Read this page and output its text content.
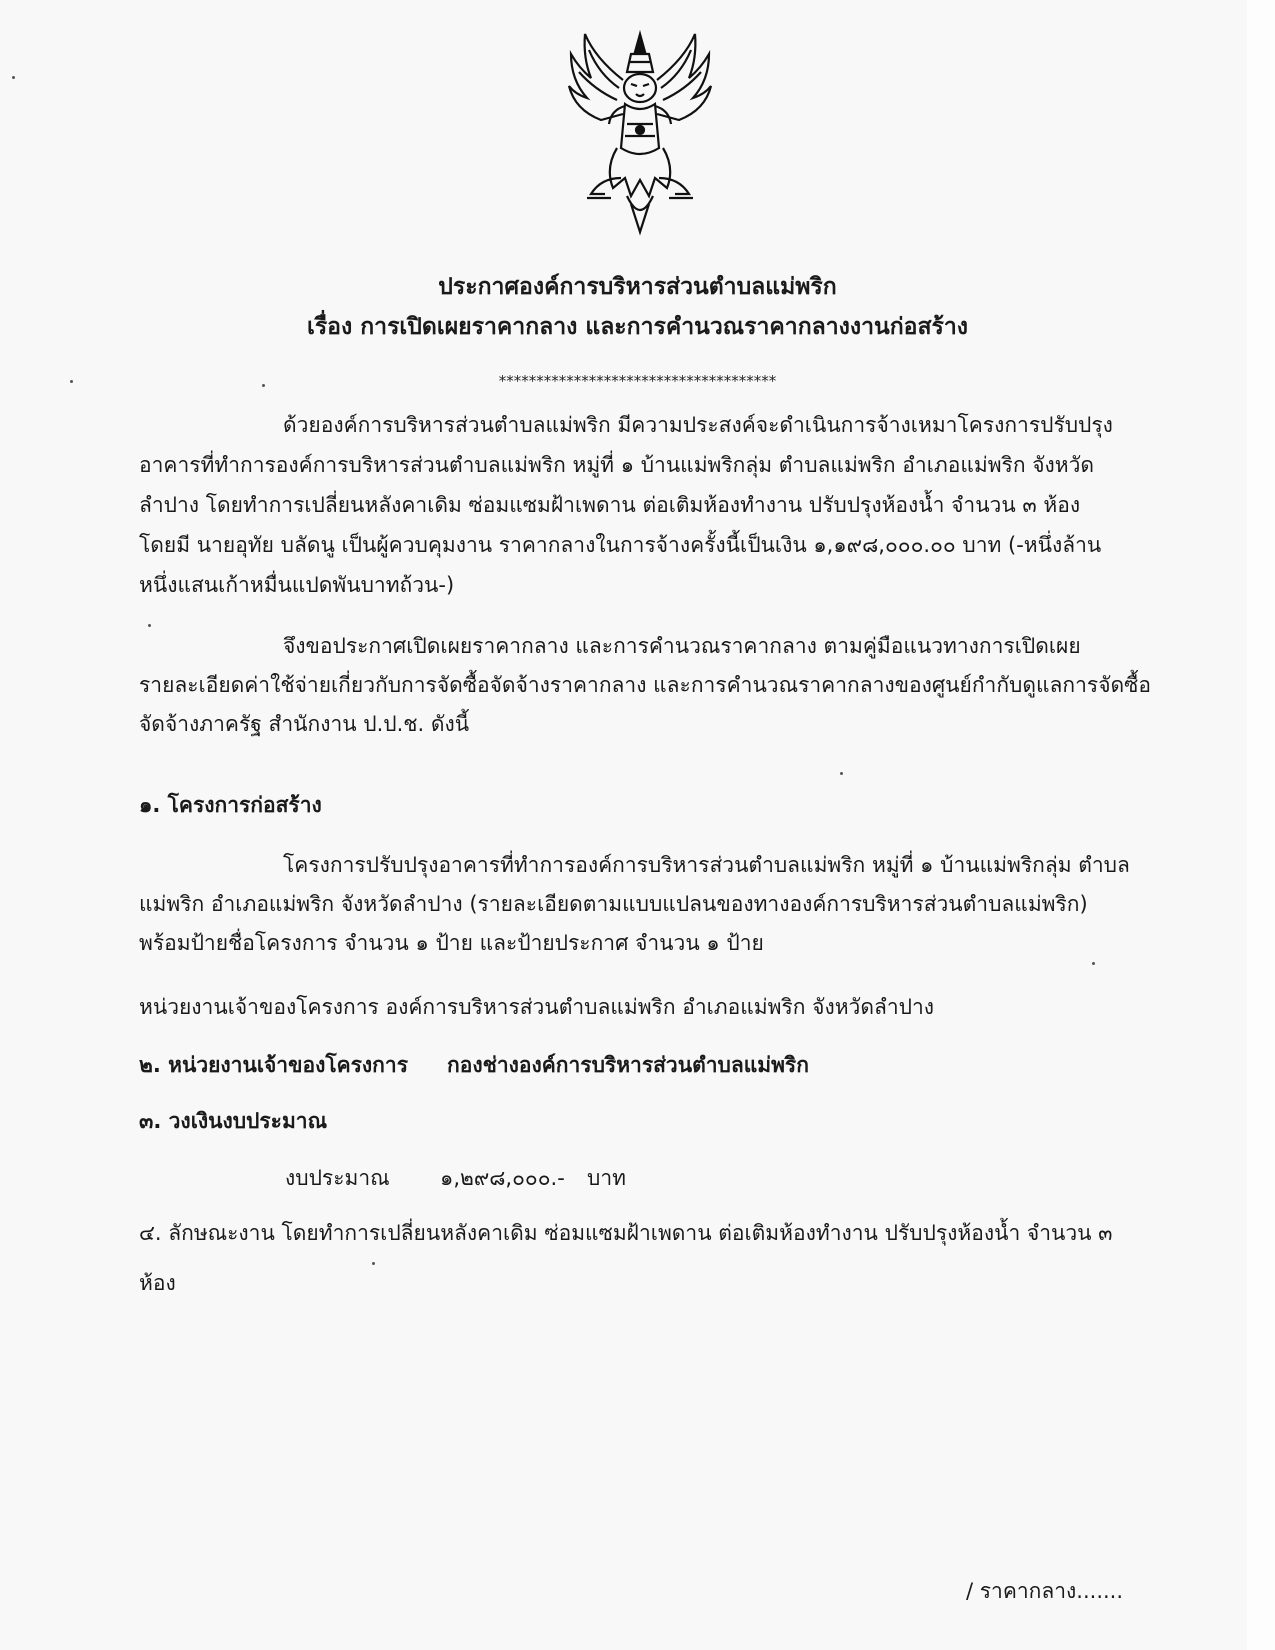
ประกาศองค์การบริหารส่วนตำบลแม่พริก
เรื่อง การเปิดเผยราคากลาง และการคำนวณราคากลางงานก่อสร้าง
*************************************
ด้วยองค์การบริหารส่วนตำบลแม่พริก มีความประสงค์จะดำเนินการจ้างเหมาโครงการปรับปรุง
อาคารที่ทำการองค์การบริหารส่วนตำบลแม่พริก หมู่ที่ ๑ บ้านแม่พริกลุ่ม ตำบลแม่พริก อำเภอแม่พริก จังหวัด
ลำปาง โดยทำการเปลี่ยนหลังคาเดิม ซ่อมแซมฝ้าเพดาน ต่อเติมห้องทำงาน ปรับปรุงห้องน้ำ จำนวน ๓ ห้อง
โดยมี นายอุทัย บลัดนู เป็นผู้ควบคุมงาน ราคากลางในการจ้างครั้งนี้เป็นเงิน ๑,๑๙๘,๐๐๐.๐๐ บาท (-หนึ่งล้าน
หนึ่งแสนเก้าหมื่นแปดพันบาทถ้วน-)
จึงขอประกาศเปิดเผยราคากลาง และการคำนวณราคากลาง ตามคู่มือแนวทางการเปิดเผย
รายละเอียดค่าใช้จ่ายเกี่ยวกับการจัดซื้อจัดจ้างราคากลาง และการคำนวณราคากลางของศูนย์กำกับดูแลการจัดซื้อ
จัดจ้างภาครัฐ สำนักงาน ป.ป.ช. ดังนี้
๑. โครงการก่อสร้าง
โครงการปรับปรุงอาคารที่ทำการองค์การบริหารส่วนตำบลแม่พริก หมู่ที่ ๑ บ้านแม่พริกลุ่ม ตำบล
แม่พริก อำเภอแม่พริก จังหวัดลำปาง (รายละเอียดตามแบบแปลนของทางองค์การบริหารส่วนตำบลแม่พริก)
พร้อมป้ายชื่อโครงการ จำนวน ๑ ป้าย และป้ายประกาศ จำนวน ๑ ป้าย
หน่วยงานเจ้าของโครงการ องค์การบริหารส่วนตำบลแม่พริก อำเภอแม่พริก จังหวัดลำปาง
๒. หน่วยงานเจ้าของโครงการ กองช่างองค์การบริหารส่วนตำบลแม่พริก
๓. วงเงินงบประมาณ
งบประมาณ ๑,๒๙๘,๐๐๐.- บาท
๔. ลักษณะงาน โดยทำการเปลี่ยนหลังคาเดิม ซ่อมแซมฝ้าเพดาน ต่อเติมห้องทำงาน ปรับปรุงห้องน้ำ จำนวน ๓
ห้อง
/ ราคากลาง.......
